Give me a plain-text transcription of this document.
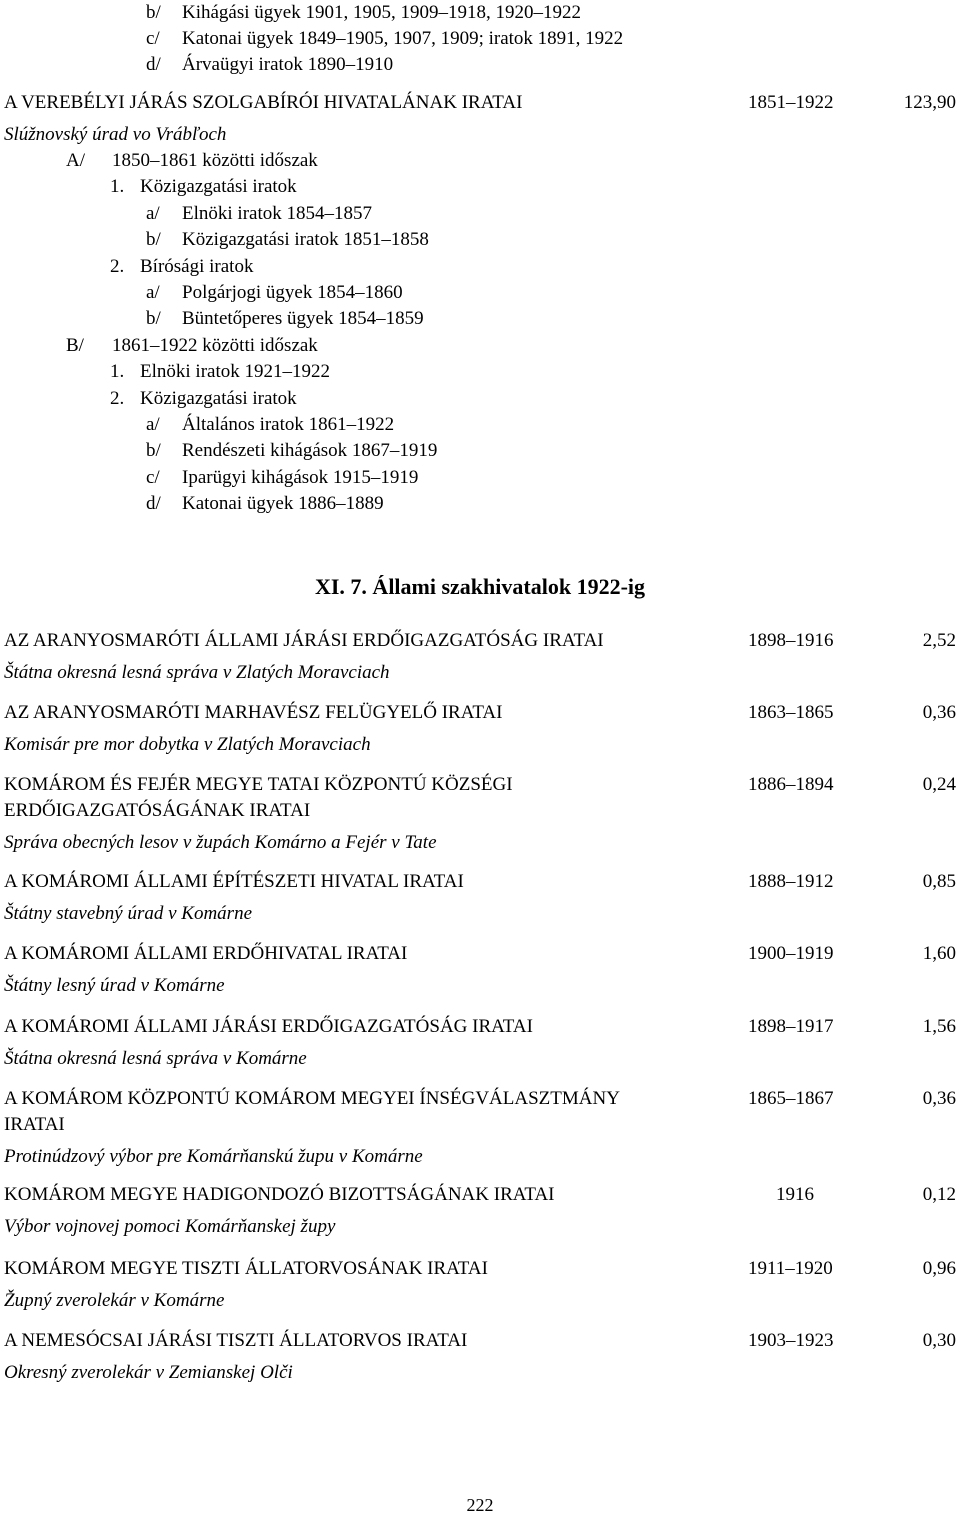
b/ Kihágási ügyek 1901, 1905, 1909–1918, 1920–1922
c/ Katonai ügyek 1849–1905, 1907, 1909; iratok 1891, 1922
d/ Árvaügyi iratok 1890–1910
A VEREBÉLYI JÁRÁS SZOLGABÍRÓI HIVATALÁNAK IRATAI	1851–1922	123,90
Slúžnovský úrad vo Vrábľoch
A/ 1850–1861 közötti időszak
1. Közigazgatási iratok
a/ Elnöki iratok 1854–1857
b/ Közigazgatási iratok 1851–1858
2. Bírósági iratok
a/ Polgárjogi ügyek 1854–1860
b/ Büntetőperes ügyek 1854–1859
B/ 1861–1922 közötti időszak
1. Elnöki iratok 1921–1922
2. Közigazgatási iratok
a/ Általános iratok 1861–1922
b/ Rendészeti kihágások 1867–1919
c/ Iparügyi kihágások 1915–1919
d/ Katonai ügyek 1886–1889
XI. 7. Állami szakhivatalok 1922-ig
AZ ARANYOSMARÓTI ÁLLAMI JÁRÁSI ERDŐIGAZGATÓSÁG IRATAI	1898–1916	2,52
Štátna okresná lesná správa v Zlatých Moravciach
AZ ARANYOSMARÓTI MARHAVÉSZ FELÜGYELŐ IRATAI	1863–1865	0,36
Komisár pre mor dobytka v Zlatých Moravciach
KOMÁROM ÉS FEJÉR MEGYE TATAI KÖZPONTÚ KÖZSÉGI
ERDŐIGAZGATÓSÁGÁNAK IRATAI
1886–1894	0,24
Správa obecných lesov v župách Komárno a Fejér v Tate
A KOMÁROMI ÁLLAMI ÉPÍTÉSZETI HIVATAL IRATAI	1888–1912	0,85
Štátny stavebný úrad v Komárne
A KOMÁROMI ÁLLAMI ERDŐHIVATAL IRATAI	1900–1919	1,60
Štátny lesný úrad v Komárne
A KOMÁROMI ÁLLAMI JÁRÁSI ERDŐIGAZGATÓSÁG IRATAI	1898–1917	1,56
Štátna okresná lesná správa v Komárne
A KOMÁROM KÖZPONTÚ KOMÁROM MEGYEI ÍNSÉGVÁLASZTMÁNY
IRATAI
1865–1867	0,36
Protinúdzový výbor pre Komárňanskú župu v Komárne
KOMÁROM MEGYE HADIGONDOZÓ BIZOTTSÁGÁNAK IRATAI	1916	0,12
Výbor vojnovej pomoci Komárňanskej župy
KOMÁROM MEGYE TISZTI ÁLLATORVOSÁNAK IRATAI	1911–1920	0,96
Župný zverolekár v Komárne
A NEMESÓCSAI JÁRÁSI TISZTI ÁLLATORVOS IRATAI	1903–1923	0,30
Okresný zverolekár v Zemianskej Olči
222
